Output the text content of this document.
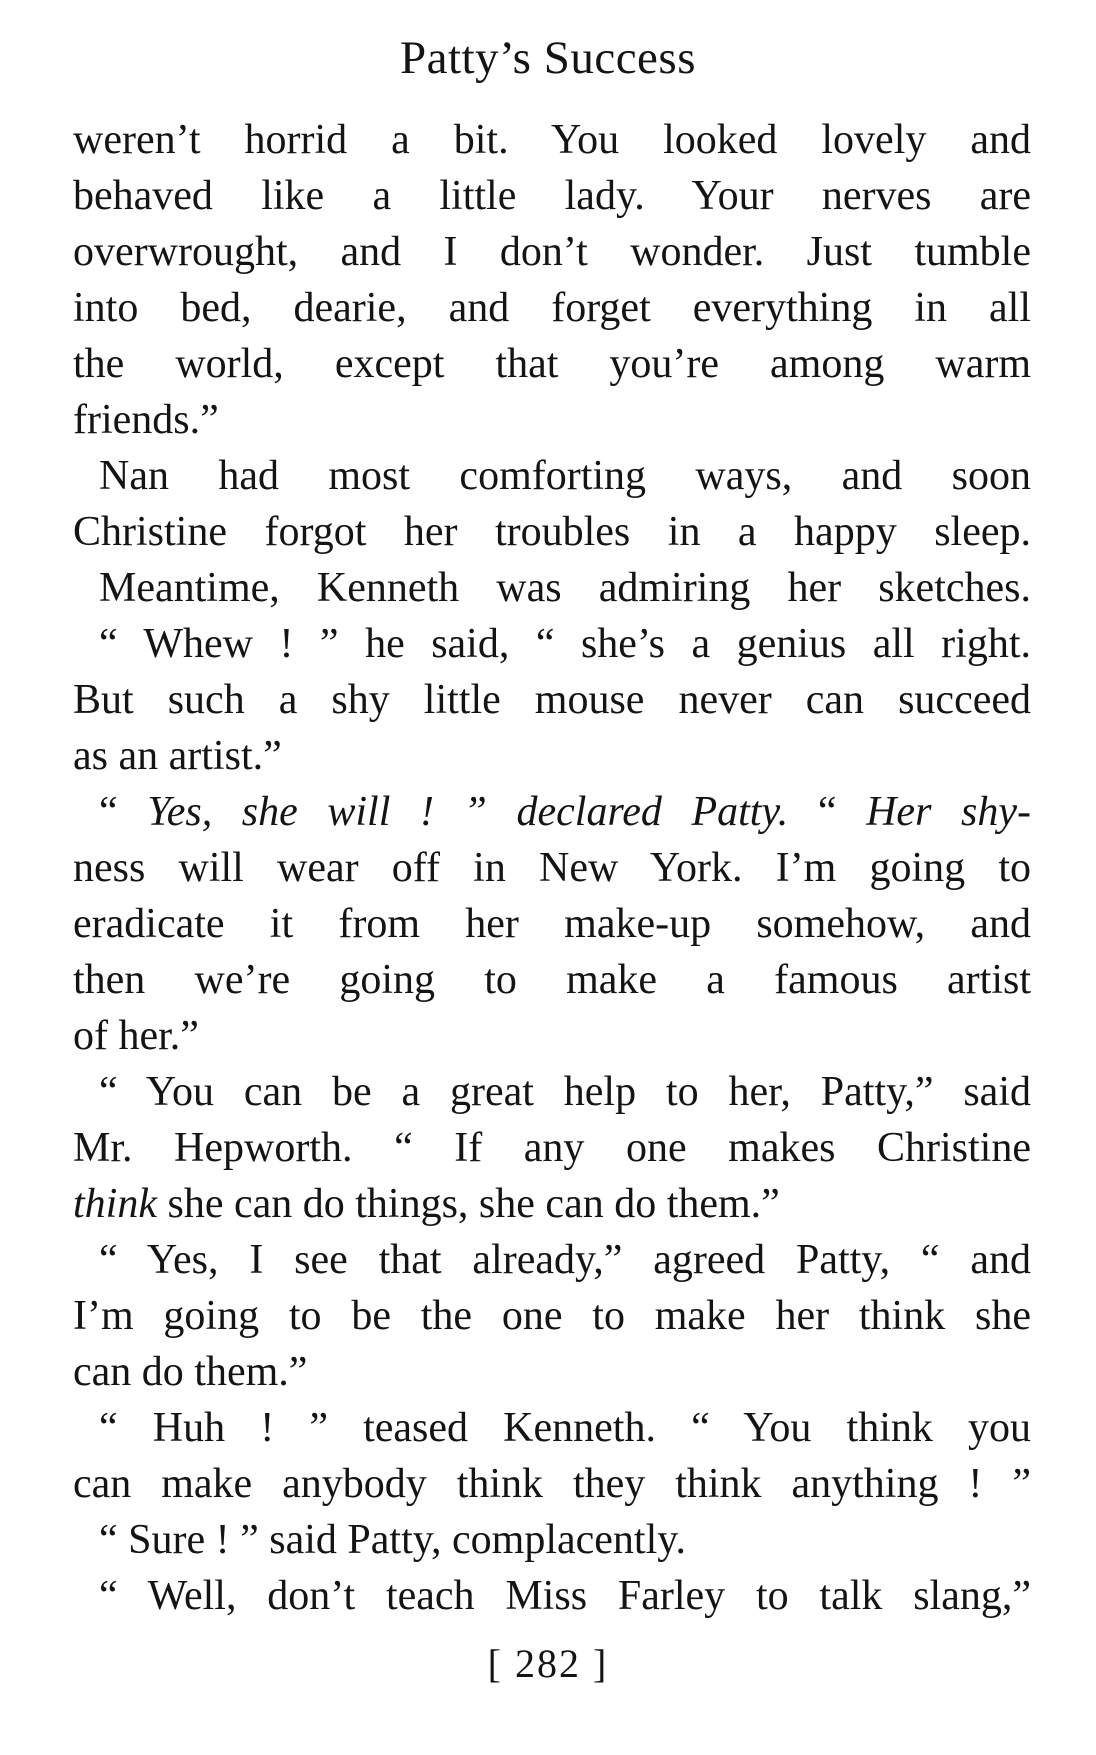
Patty’s Success
weren’t horrid a bit. You looked lovely and
behaved like a little lady. Your nerves are
overwrought, and I don’t wonder. Just tumble
into bed, dearie, and forget everything in all
the world, except that you’re among warm
friends.”
Nan had most comforting ways, and soon
Christine forgot her troubles in a happy sleep.
Meantime, Kenneth was admiring her sketches.
“ Whew ! ” he said, “ she’s a genius all right.
But such a shy little mouse never can succeed
as an artist.”
“ Yes, she will ! ” declared Patty. “ Her shy-
ness will wear off in New York. I’m going to
eradicate it from her make-up somehow, and
then we’re going to make a famous artist
of her.”
“ You can be a great help to her, Patty,” said
Mr. Hepworth. “ If any one makes Christine
think she can do things, she can do them.”
“ Yes, I see that already,” agreed Patty, “ and
I’m going to be the one to make her think she
can do them.”
“ Huh ! ” teased Kenneth. “ You think you
can make anybody think they think anything ! ”
“ Sure ! ” said Patty, complacently.
“ Well, don’t teach Miss Farley to talk slang,”
[ 282 ]
